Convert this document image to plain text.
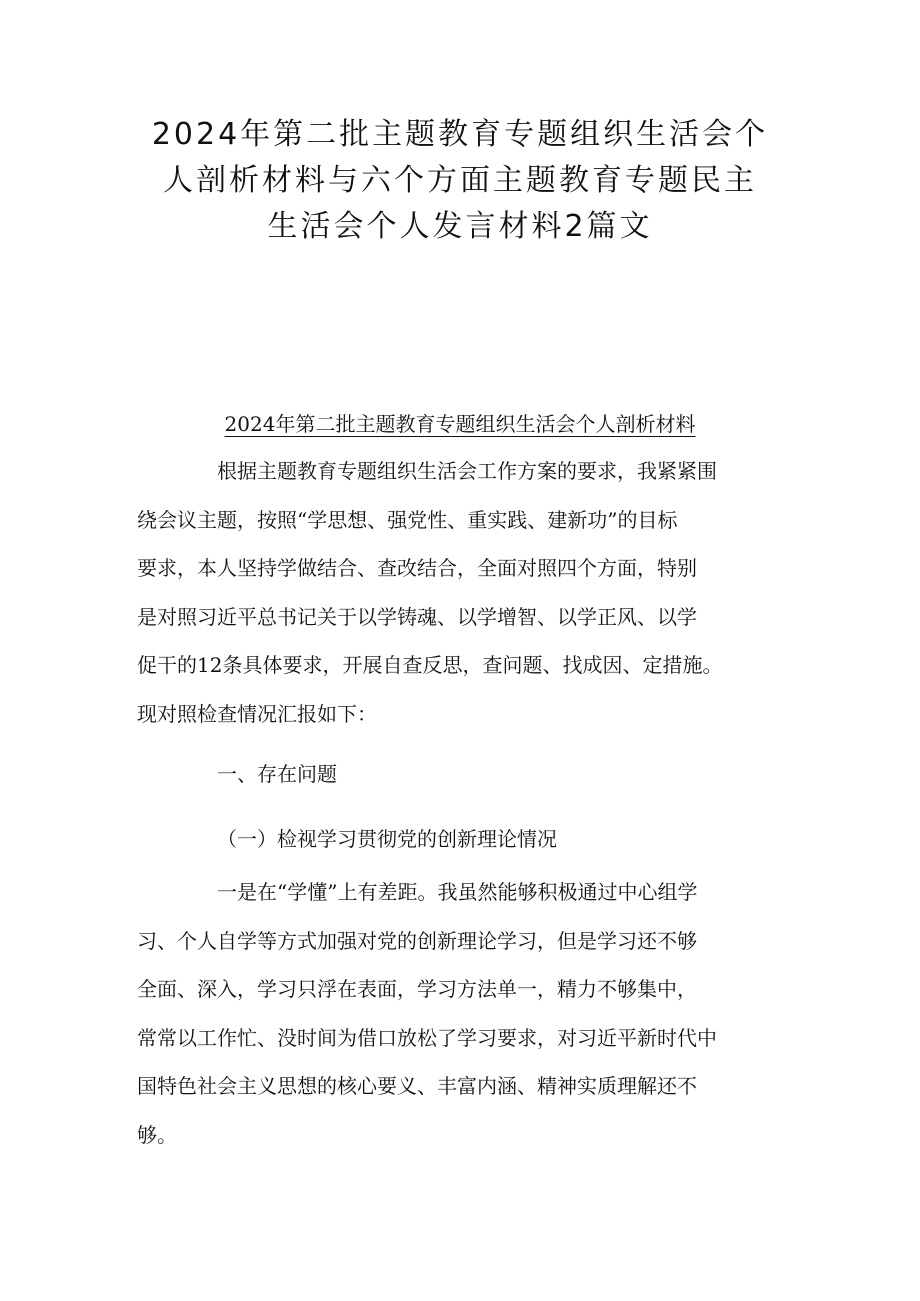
2024年第二批主题教育专题组织生活会个
人剖析材料与六个方面主题教育专题民主
生活会个人发言材料2篇文
2024年第二批主题教育专题组织生活会个人剖析材料
根据主题教育专题组织生活会工作方案的要求，我紧紧围
绕会议主题，按照“学思想、强党性、重实践、建新功”的目标
要求，本人坚持学做结合、查改结合，全面对照四个方面，特别
是对照习近平总书记关于以学铸魂、以学增智、以学正风、以学
促干的12条具体要求，开展自查反思，查问题、找成因、定措施。
现对照检查情况汇报如下：

一、存在问题

（一）检视学习贯彻党的创新理论情况

一是在“学懂”上有差距。我虽然能够积极通过中心组学
习、个人自学等方式加强对党的创新理论学习，但是学习还不够
全面、深入，学习只浮在表面，学习方法单一，精力不够集中，
常常以工作忙、没时间为借口放松了学习要求，对习近平新时代中
国特色社会主义思想的核心要义、丰富内涵、精神实质理解还不
够。
